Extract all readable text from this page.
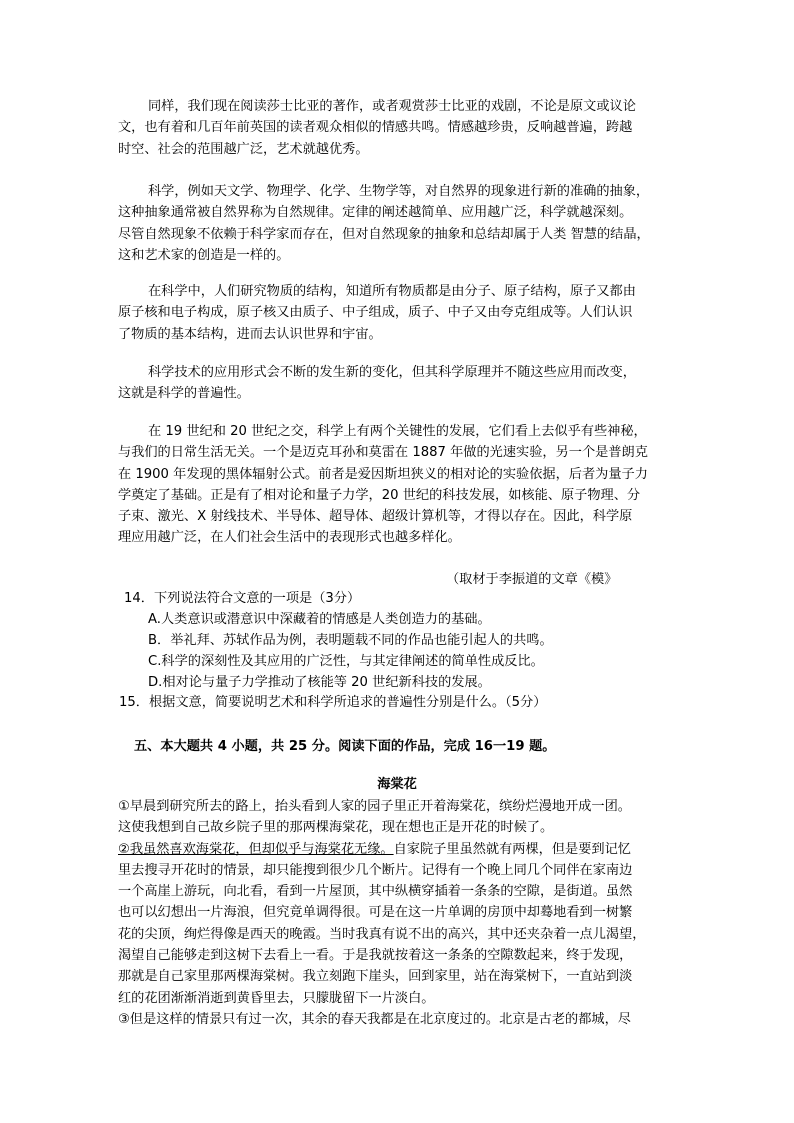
同样，我们现在阅读莎士比亚的著作，或者观赏莎士比亚的戏剧，不论是原文或议论
文，也有着和几百年前英国的读者观众相似的情感共鸣。情感越珍贵，反响越普遍，跨越
时空、社会的范围越广泛，艺术就越优秀。
科学，例如天文学、物理学、化学、生物学等，对自然界的现象进行新的准确的抽象，
这种抽象通常被自然界称为自然规律。定律的阐述越简单、应用越广泛，科学就越深刻。
尽管自然现象不依赖于科学家而存在，但对自然现象的抽象和总结却属于人类 智慧的结晶，
这和艺术家的创造是一样的。
在科学中，人们研究物质的结构，知道所有物质都是由分子、原子结构，原子又都由
原子核和电子构成，原子核又由质子、中子组成，质子、中子又由夸克组成等。人们认识
了物质的基本结构，进而去认识世界和宇宙。
科学技术的应用形式会不断的发生新的变化，但其科学原理并不随这些应用而改变，
这就是科学的普遍性。
在 19 世纪和 20 世纪之交，科学上有两个关键性的发展，它们看上去似乎有些神秘，
与我们的日常生活无关。一个是迈克耳孙和莫雷在 1887 年做的光速实验，另一个是普朗克
在 1900 年发现的黑体辐射公式。前者是爱因斯坦狭义的相对论的实验依据，后者为量子力
学奠定了基础。正是有了相对论和量子力学，20 世纪的科技发展，如核能、原子物理、分
子束、激光、X 射线技术、半导体、超导体、超级计算机等，才得以存在。因此，科学原
理应用越广泛，在人们社会生活中的表现形式也越多样化。
（取材于李振道的文章《模》
14．下列说法符合文意的一项是（3分）
A.人类意识或潜意识中深藏着的情感是人类创造力的基础。
B．举礼拜、苏轼作品为例，表明题载不同的作品也能引起人的共鸣。
C.科学的深刻性及其应用的广泛性，与其定律阐述的简单性成反比。
D.相对论与量子力学推动了核能等 20 世纪新科技的发展。
15．根据文意，简要说明艺术和科学所追求的普遍性分别是什么。（5分）
五、本大题共 4 小题，共 25 分。阅读下面的作品，完成 16一19 题。
海棠花
①早晨到研究所去的路上，抬头看到人家的园子里正开着海棠花，缤纷烂漫地开成一团。
这使我想到自己故乡院子里的那两棵海棠花，现在想也正是开花的时候了。
②我虽然喜欢海棠花，但却似乎与海棠花无缘。自家院子里虽然就有两棵，但是要到记忆
里去搜寻开花时的情景，却只能搜到很少几个断片。记得有一个晚上同几个同伴在家南边
一个高崖上游玩，向北看，看到一片屋顶，其中纵横穿插着一条条的空隙，是街道。虽然
也可以幻想出一片海浪，但究竟单调得很。可是在这一片单调的房顶中却蓦地看到一树繁
花的尖顶，绚烂得像是西天的晚霞。当时我真有说不出的高兴，其中还夹杂着一点儿渴望，
渴望自己能够走到这树下去看上一看。于是我就按着这一条条的空隙数起来，终于发现，
那就是自己家里那两棵海棠树。我立刻跑下崖头，回到家里，站在海棠树下，一直站到淡
红的花团渐渐消逝到黄昏里去，只朦胧留下一片淡白。
③但是这样的情景只有过一次，其余的春天我都是在北京度过的。北京是古老的都城，尽
